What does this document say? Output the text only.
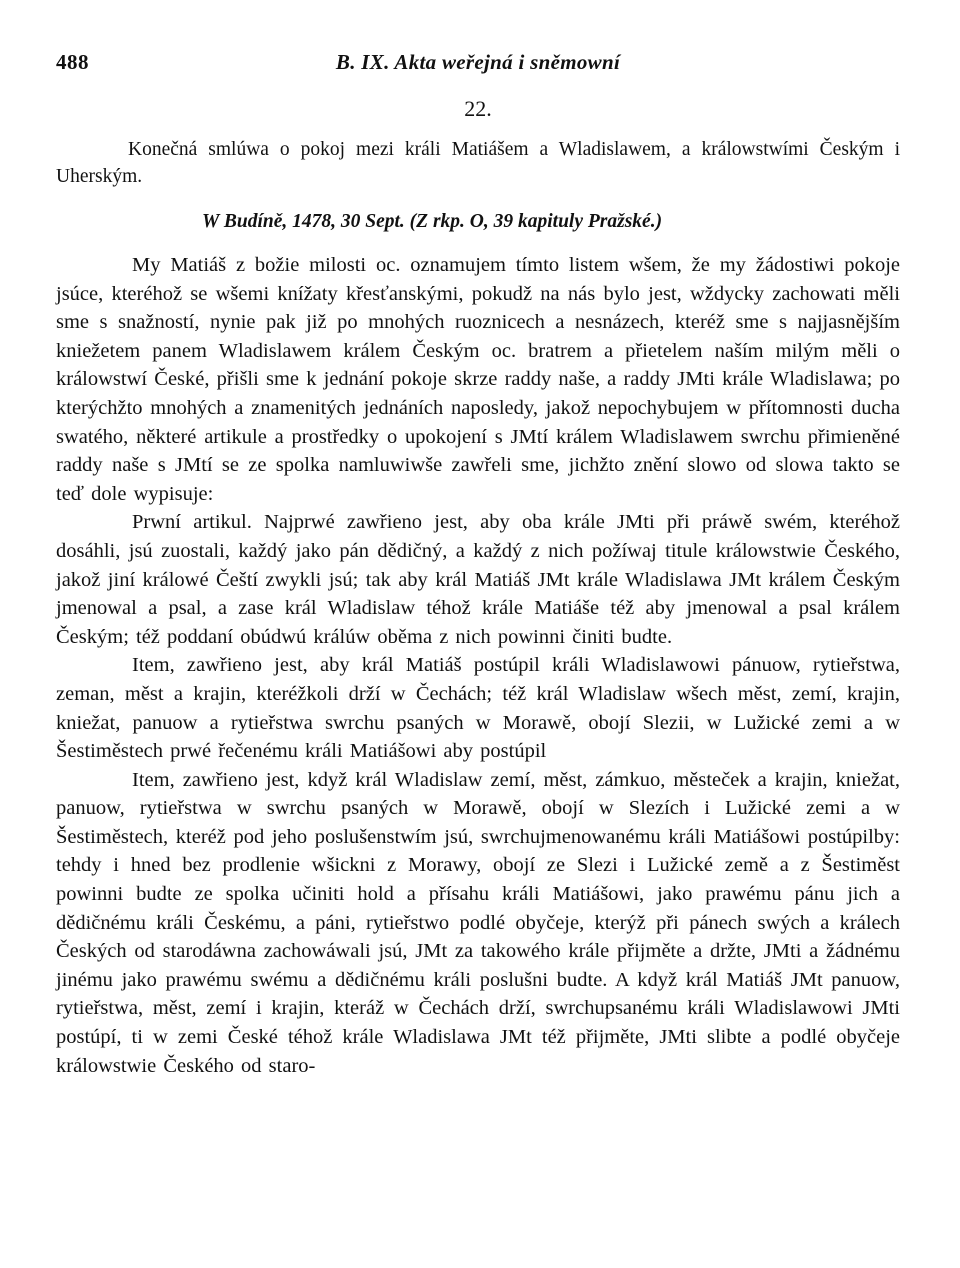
488	B. IX. Akta weřejná i sněmowní
22.

Konečná smlúwa o pokoj mezi králi Matiášem a Wladislawem, a králowstwími Českým i Uherským.

W Budíně, 1478, 30 Sept. (Z rkp. O, 39 kapituly Pražské.)

My Matiáš z božie milosti oc. oznamujem tímto listem wšem, že my žádostiwi pokoje jsúce, kteréhož se wšemi knížaty křesťanskými, pokudž na nás bylo jest, wždycky zachowati měli sme s snažností, nynie pak již po mnohých ruoznicech a nesnázech, kteréž sme s najjasnějším kniežetem panem Wladislawem králem Českým oc. bratrem a přietelem naším milým měli o králowstwí České, přišli sme k jednání pokoje skrze raddy naše, a raddy JMti krále Wladislawa; po kterýchžto mnohých a znamenitých jednáních naposledy, jakož nepochybujem w přítomnosti ducha swatého, některé artikule a prostředky o upokojení s JMtí králem Wladislawem swrchu přimieněné raddy naše s JMtí se ze spolka namluwiwše zawřeli sme, jichžto znění slowo od slowa takto se teď dole wypisuje:

Prwní artikul. Najprwé zawřieno jest, aby oba krále JMti při práwě swém, kteréhož dosáhli, jsú zuostali, každý jako pán dědičný, a každý z nich požíwaj titule králowstwie Českého, jakož jiní králowé Čeští zwykli jsú; tak aby král Matiáš JMt krále Wladislawa JMt králem Českým jmenowal a psal, a zase král Wladislaw téhož krále Matiáše též aby jmenowal a psal králem Českým; též poddaní obúdwú králúw oběma z nich powinni činiti budte.

Item, zawřieno jest, aby král Matiáš postúpil králi Wladislawowi pánuow, rytieřstwa, zeman, měst a krajin, kteréžkoli drží w Čechách; též král Wladislaw wšech měst, zemí, krajin, kniežat, panuow a rytieřstwa swrchu psaných w Morawě, obojí Slezii, w Lužické zemi a w Šestiměstech prwé řečenému králi Matiášowi aby postúpil

Item, zawřieno jest, když král Wladislaw zemí, měst, zámkuo, městeček a krajin, kniežat, panuow, rytieřstwa w swrchu psaných w Morawě, obojí w Slezích i Lužické zemi a w Šestiměstech, kteréž pod jeho poslušenstwím jsú, swrchujmenowanému králi Matiášowi postúpilby: tehdy i hned bez prodlenie wšickni z Morawy, obojí ze Slezi i Lužické země a z Šestiměst powinni budte ze spolka učiniti hold a přísahu králi Matiášowi, jako prawému pánu jich a dědičnému králi Českému, a páni, rytieřstwo podlé obyčeje, kterýž při pánech swých a králech Českých od starodáwna zachowáwali jsú, JMt za takowého krále přijměte a držte, JMti a žádnému jinému jako prawému swému a dědičnému králi poslušni budte. A když král Matiáš JMt panuow, rytieřstwa, měst, zemí i krajin, kteráž w Čechách drží, swrchupsanému králi Wladislawowi JMti postúpí, ti w zemi České téhož krále Wladislawa JMt též přijměte, JMti slibte a podlé obyčeje králowstwie Českého od staro-
